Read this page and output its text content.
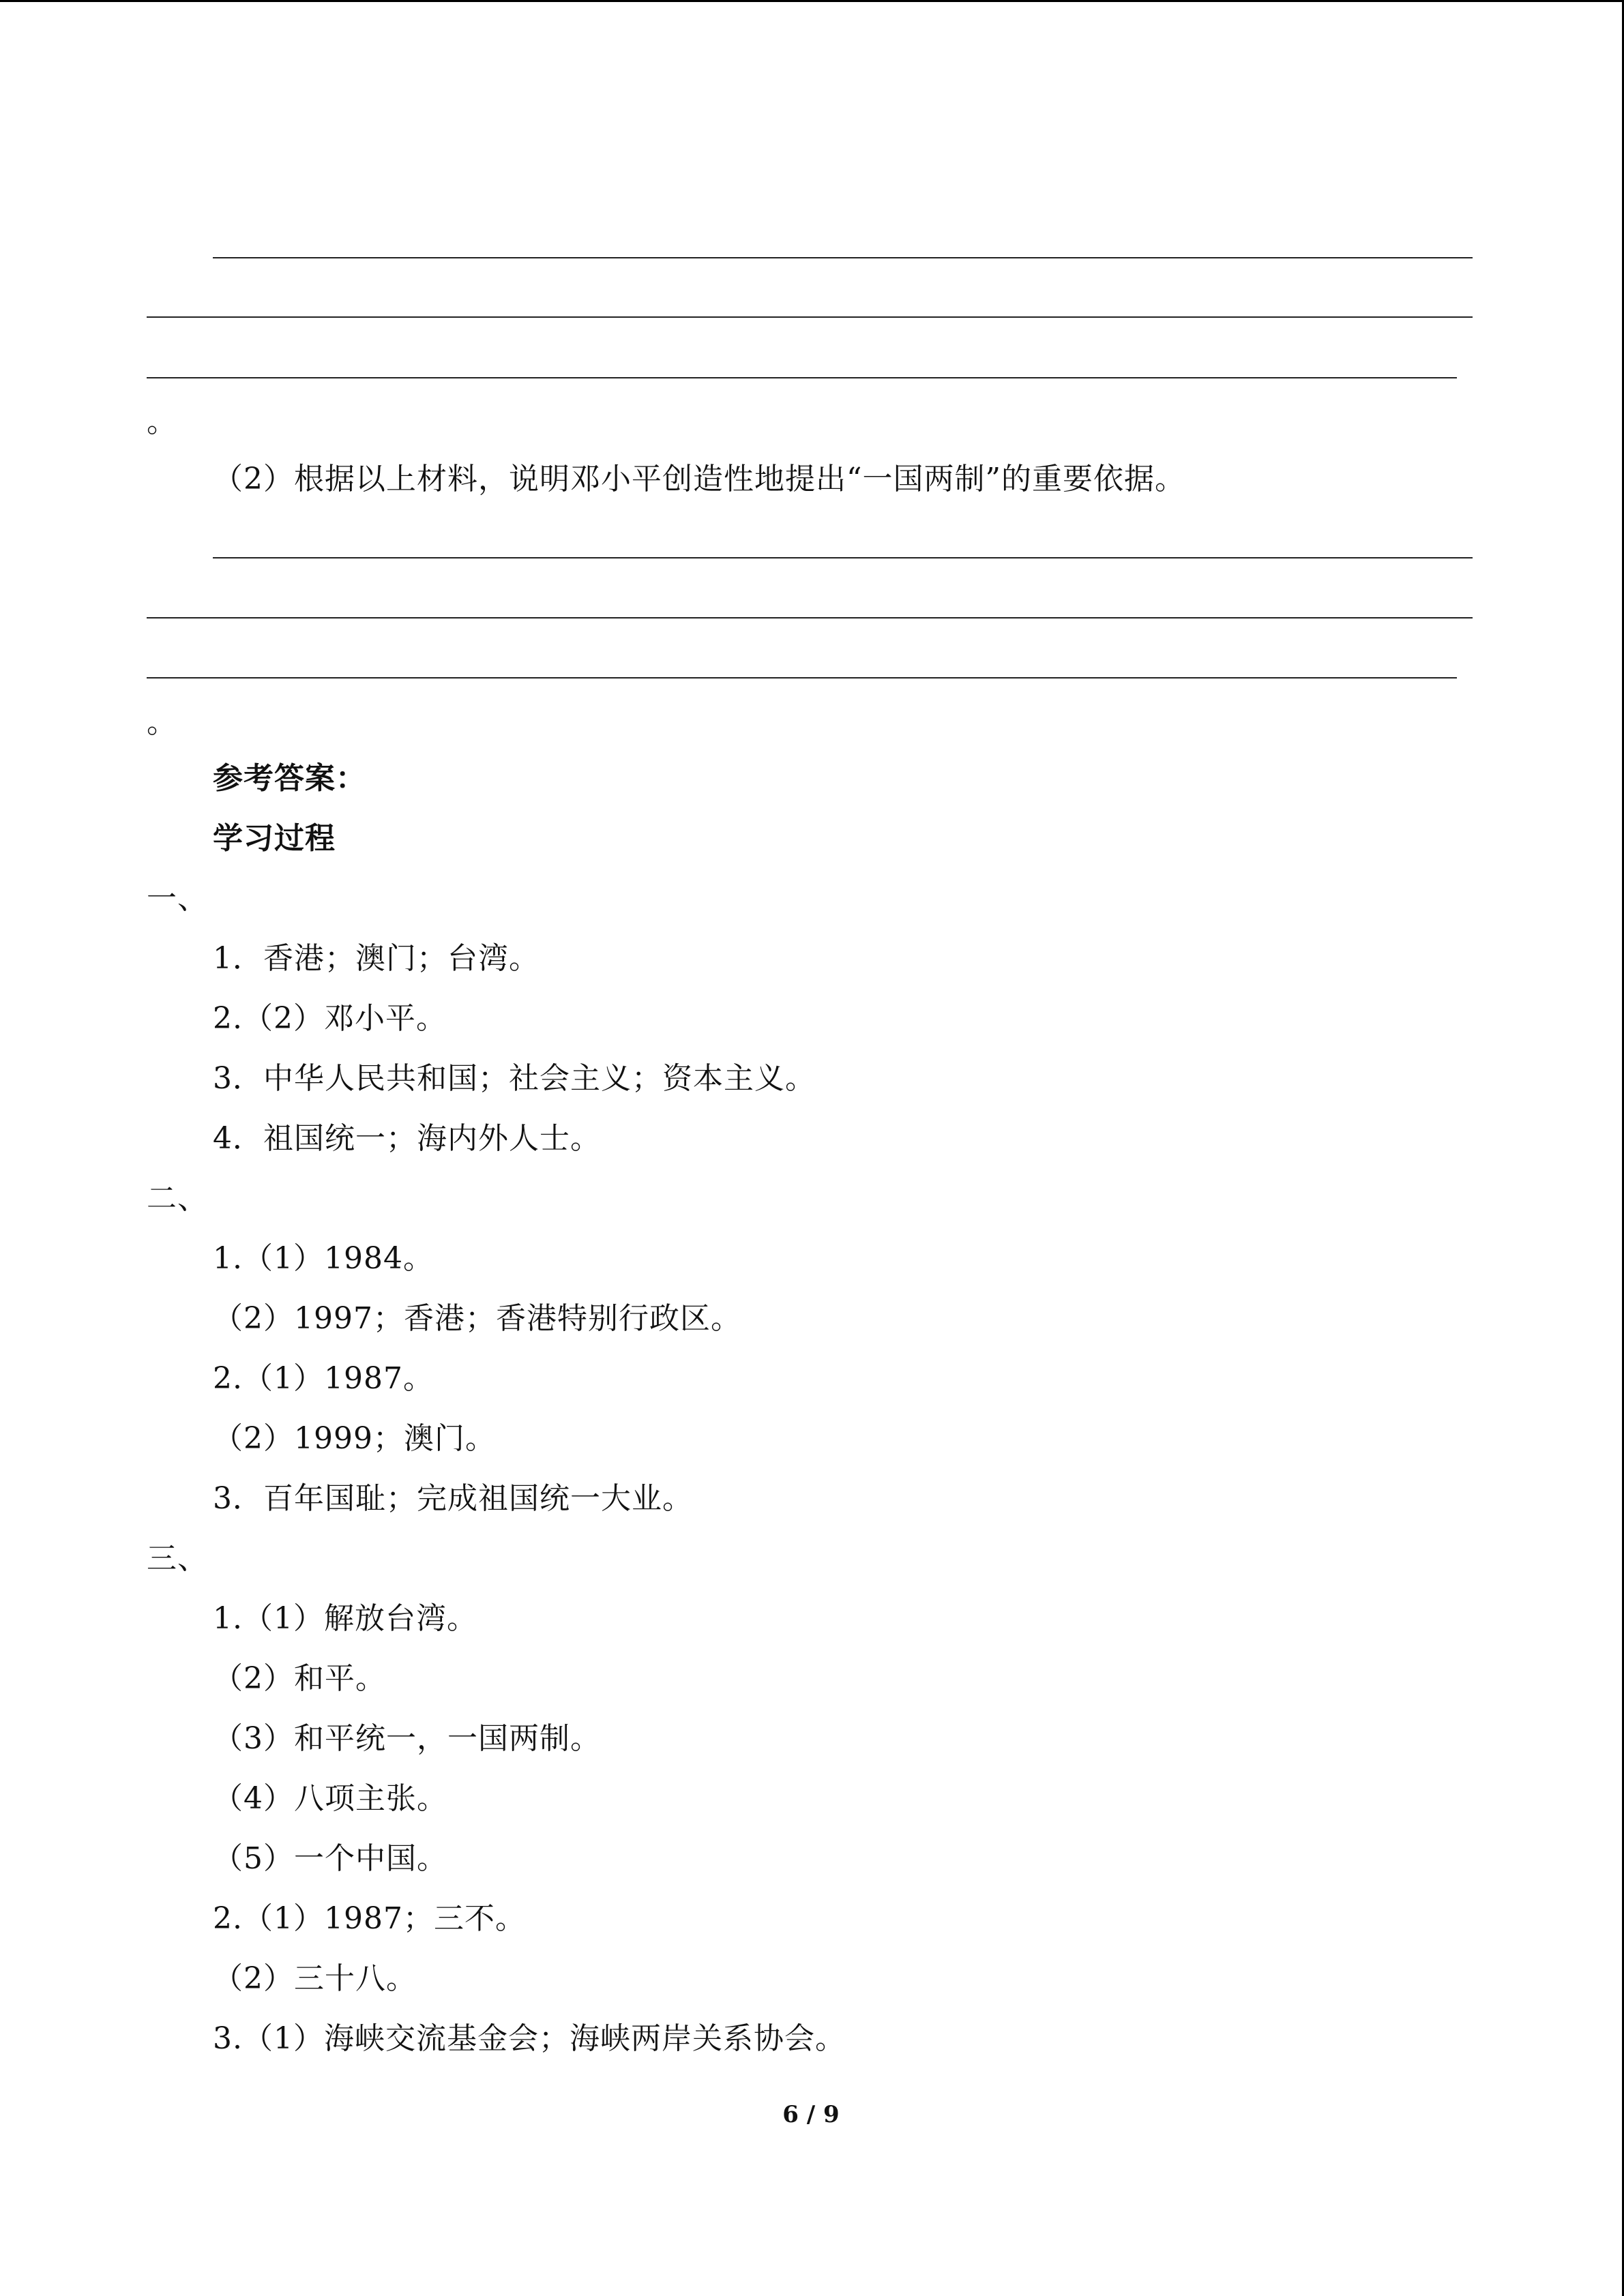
。
（2）根据以上材料，说明邓小平创造性地提出“一国两制”的重要依据。
。
参考答案：
学习过程
一、
1．香港；澳门；台湾。
2.（2）邓小平。
3．中华人民共和国；社会主义；资本主义。
4．祖国统一；海内外人士。
二、
1.（1）1984。
（2）1997；香港；香港特别行政区。
2.（1）1987。
（2）1999；澳门。
3．百年国耻；完成祖国统一大业。
三、
1.（1）解放台湾。
（2）和平。
（3）和平统一，一国两制。
（4）八项主张。
（5）一个中国。
2.（1）1987；三不。
（2）三十八。
3.（1）海峡交流基金会；海峡两岸关系协会。
6 / 9
